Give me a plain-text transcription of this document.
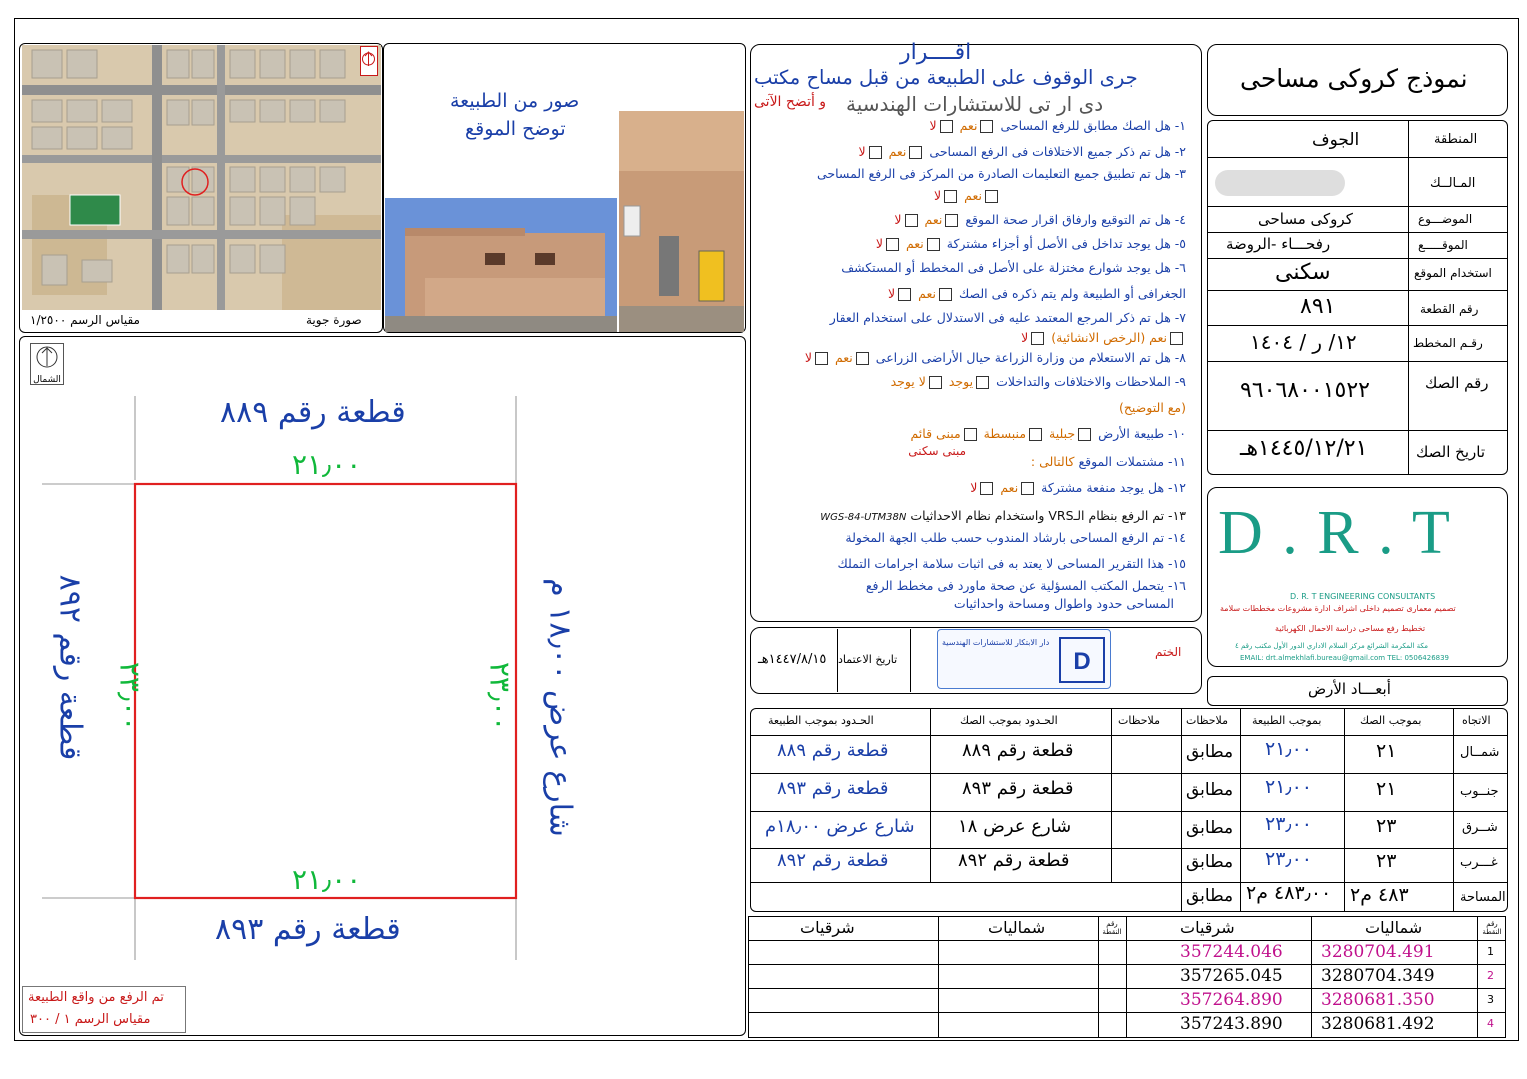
صورة جوية
مقياس الرسم ١/٢٥٠٠
صور من الطبيعة
توضح الموقع
الشمال
قطعة رقم ٨٨٩
قطعة رقم ٨٩٣
قطعة رقم ٨٩٢
شارع عرض ١٨٫٠٠ م
٢١٫٠٠
٢١٫٠٠
٢٣٫٠٠	٢٣٫٠٠
تم الرفع من واقع الطبيعة
مقياس الرسم ١ / ٣٠٠
اقــــرار
جرى الوقوف على الطبيعة من قبل مساح مكتب
دى ار تى للاستشارات الهندسية
و أتضح الآتى
١- هل الصك مطابق للرفع المساحى نعم لا
٢- هل تم ذكر جميع الاختلافات فى الرفع المساحى نعم لا
٣- هل تم تطبيق جميع التعليمات الصادرة من المركز فى الرفع المساحى
نعم لا
٤- هل تم التوقيع وارفاق اقرار صحة الموقع نعم لا
٥- هل يوجد تداخل فى الأصل أو أجزاء مشتركة نعم لا
٦- هل يوجد شوارع مختزلة على الأصل فى المخطط أو المستكشف
الجغرافى أو الطبيعة ولم يتم ذكره فى الصك نعم لا
٧- هل تم ذكر المرجع المعتمد عليه فى الاستدلال على استخدام العقار
نعم (الرخص الانشائية) لا
٨- هل تم الاستعلام من وزارة الزراعة حيال الأراضى الزراعى نعم لا
٩- الملاحظات والاختلافات والتداخلات يوجد لا يوجد
(مع التوضيح)
١٠- طبيعة الأرض جبلية منبسطة مبنى قائم
١١- مشتملات الموقع كالتالى :
مبنى سكنى
١٢- هل يوجد منفعة مشتركة نعم لا
١٣- تم الرفع بنظام الـVRS واستخدام نظام الاحداثيات WGS-84-UTM38N
١٤- تم الرفع المساحى بارشاد المندوب حسب طلب الجهة المخولة
١٥- هذا التقرير المساحى لا يعتد به فى اثبات سلامة اجرامات التملك
١٦- يتحمل المكتب المسؤلية عن صحة ماورد فى مخطط الرفع
المساحى حدود واطوال ومساحة واحداثيات
تاريخ الاعتماد
١٤٤٧/٨/١٥هـ	الختم
دار الابتكار للاستشارات الهندسية
D
نموذج كروكى مساحى
المنطقة
الجوف
المـالــك
الموضـــوع
كروكى مساحى
الموقـــــع
رفحـــاء -الروضة
استخدام الموقع
سكنى
رقم القطعة
٨٩١
رقـم المخطط
١٢/ ر / ١٤٠٤
رقم الصك
٩٦٠٦٨٠٠١٥٢٢
تاريخ الصك
١٤٤٥/١٢/٢١هـ
D . R . T
D. R. T ENGINEERING CONSULTANTS
تصميم معمارى تصميم داخلى اشراف ادارة مشروعات مخططات سلامة
تخطيط رفع مساحى دراسة الاحمال الكهربائية
مكة المكرمة الشرائع مركز السلام الاداري الدور الأول مكتب رقم ٤
EMAIL: drt.almekhlafi.bureau@gmail.com TEL: 0506426839
أبعـــاد الأرض
الاتجاه
بموجب الصك
بموجب الطبيعة
ملاحظات
ملاحظات
الحـدود بموجب الصك
الحـدود بموجب الطبيعة
شمــال
٢١
٢١٫٠٠
مطابق
قطعة رقم ٨٨٩
قطعة رقم ٨٨٩
جنــوب
٢١
٢١٫٠٠
مطابق
قطعة رقم ٨٩٣
قطعة رقم ٨٩٣
شــرق
٢٣
٢٣٫٠٠
مطابق
شارع عرض ١٨
شارع عرض ١٨٫٠٠م
غـــرب
٢٣
٢٣٫٠٠
مطابق
قطعة رقم ٨٩٢
قطعة رقم ٨٩٢
المساحة
٤٨٣ م٢
٤٨٣٫٠٠ م٢
مطابق
رقم النقطة
شماليات
شرقيات
رقم النقطة
شماليات
شرقيات
1
3280704.491
357244.046
2
3280704.349
357265.045
3
3280681.350
357264.890
4
3280681.492
357243.890
